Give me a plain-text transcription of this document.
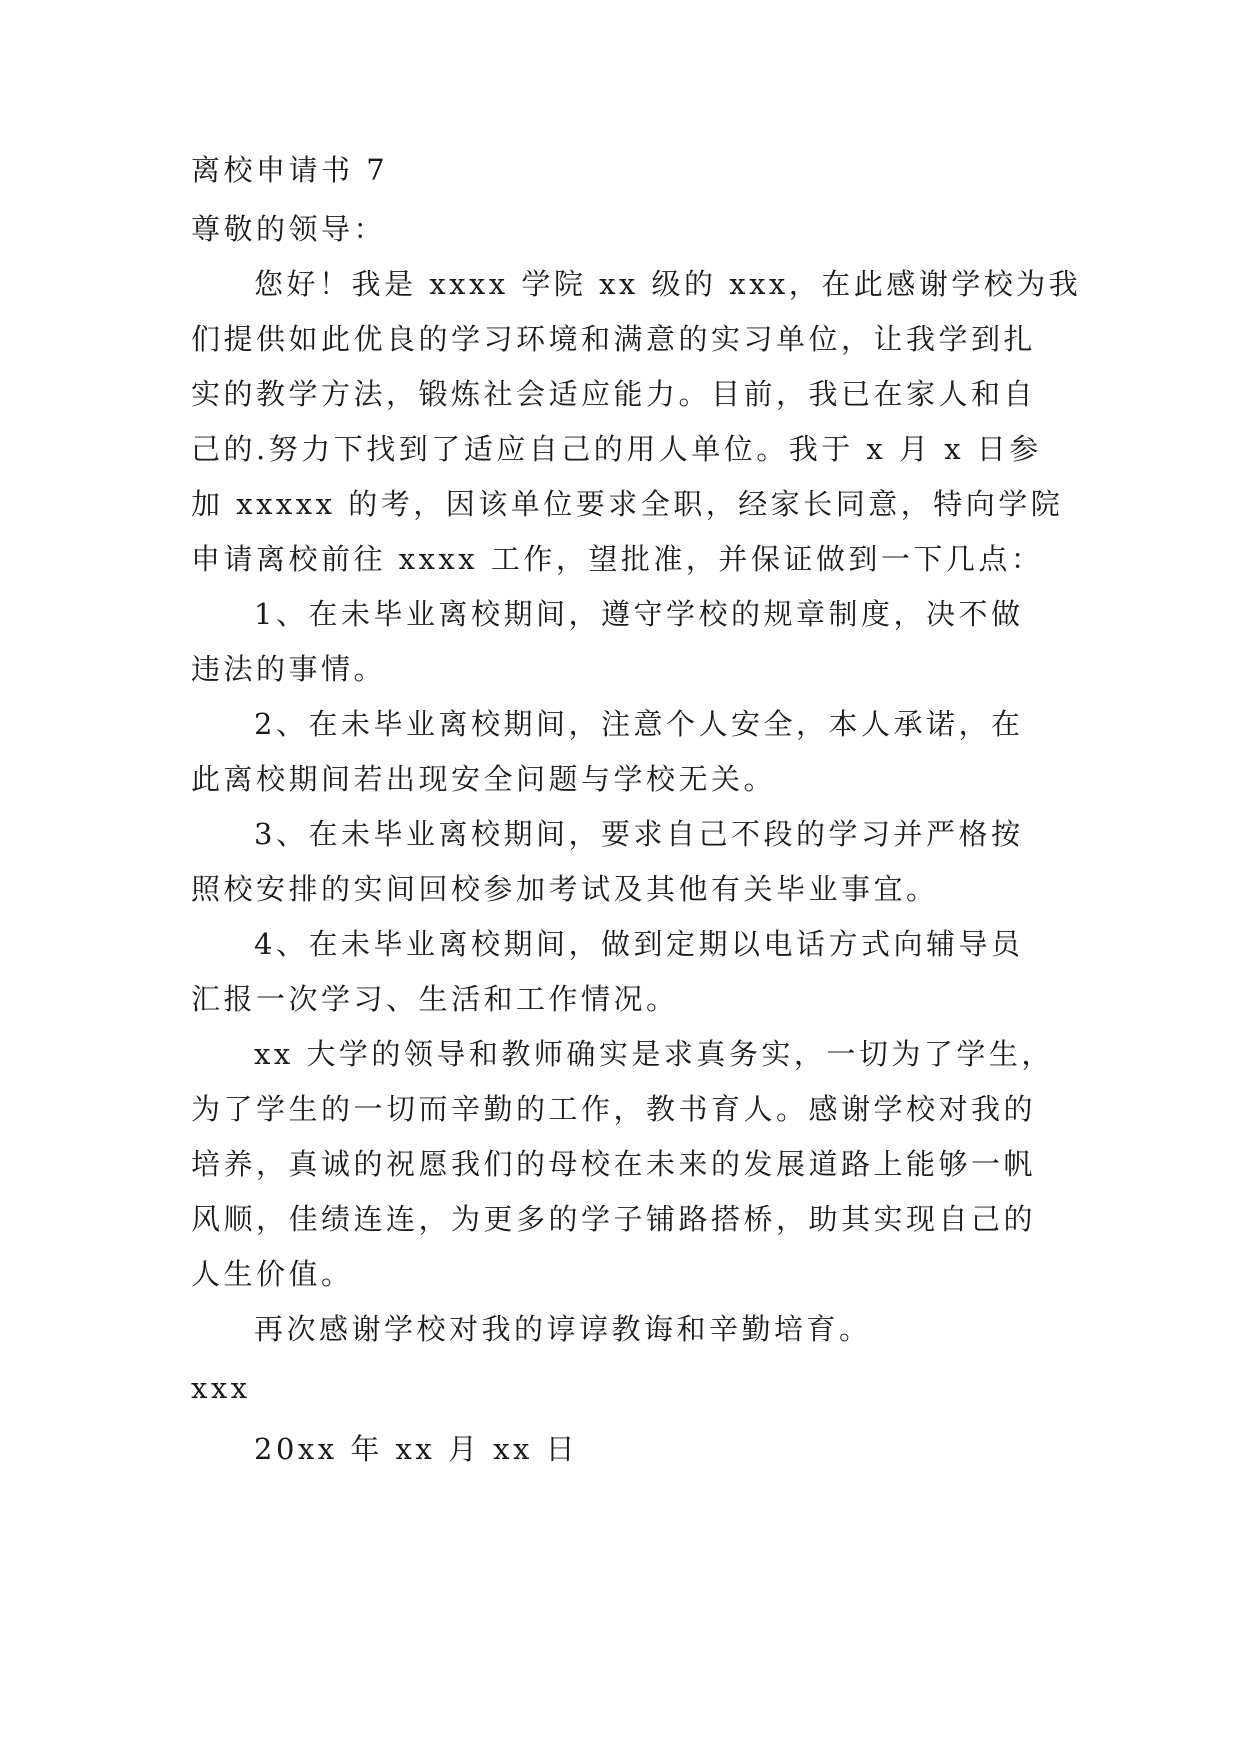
离校申请书 7

尊敬的领导：

您好！我是 xxxx 学院 xx 级的 xxx，在此感谢学校为我

们提供如此优良的学习环境和满意的实习单位，让我学到扎

实的教学方法，锻炼社会适应能力。目前，我已在家人和自

己的.努力下找到了适应自己的用人单位。我于 x 月 x 日参

加 xxxxx 的考，因该单位要求全职，经家长同意，特向学院

申请离校前往 xxxx 工作，望批准，并保证做到一下几点：

1、在未毕业离校期间，遵守学校的规章制度，决不做

违法的事情。

2、在未毕业离校期间，注意个人安全，本人承诺，在

此离校期间若出现安全问题与学校无关。

3、在未毕业离校期间，要求自己不段的学习并严格按

照校安排的实间回校参加考试及其他有关毕业事宜。

4、在未毕业离校期间，做到定期以电话方式向辅导员

汇报一次学习、生活和工作情况。

xx 大学的领导和教师确实是求真务实，一切为了学生，

为了学生的一切而辛勤的工作，教书育人。感谢学校对我的

培养，真诚的祝愿我们的母校在未来的发展道路上能够一帆

风顺，佳绩连连，为更多的学子铺路搭桥，助其实现自己的

人生价值。

再次感谢学校对我的谆谆教诲和辛勤培育。

xxx

20xx 年 xx 月 xx 日
